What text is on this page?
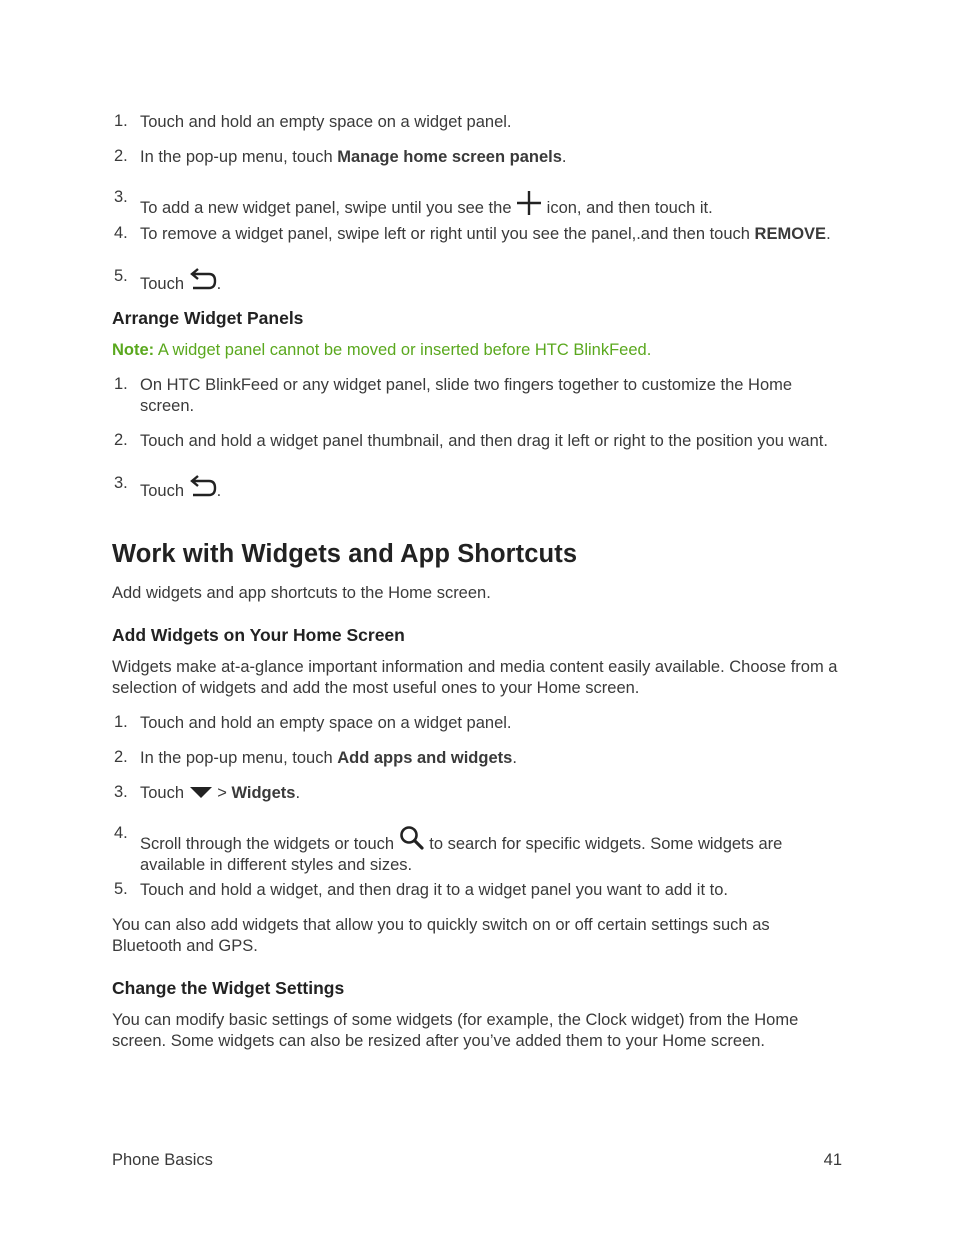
1. Touch and hold an empty space on a widget panel.
2. In the pop-up menu, touch Manage home screen panels.
3.
To add a new widget panel, swipe until you see the  icon, and then touch it.
4. To remove a widget panel, swipe left or right until you see the panel,.and then touch REMOVE.
5. Touch .
Arrange Widget Panels
Note: A widget panel cannot be moved or inserted before HTC BlinkFeed.
1. On HTC BlinkFeed or any widget panel, slide two fingers together to customize the Home screen.
2. Touch and hold a widget panel thumbnail, and then drag it left or right to the position you want.
3. Touch .
Work with Widgets and App Shortcuts
Add widgets and app shortcuts to the Home screen.
Add Widgets on Your Home Screen
Widgets make at-a-glance important information and media content easily available. Choose from a selection of widgets and add the most useful ones to your Home screen.
1. Touch and hold an empty space on a widget panel.
2. In the pop-up menu, touch Add apps and widgets.
3. Touch  > Widgets.
4.
Scroll through the widgets or touch  to search for specific widgets. Some widgets are available in different styles and sizes.
5. Touch and hold a widget, and then drag it to a widget panel you want to add it to.
You can also add widgets that allow you to quickly switch on or off certain settings such as Bluetooth and GPS.
Change the Widget Settings
You can modify basic settings of some widgets (for example, the Clock widget) from the Home screen. Some widgets can also be resized after you’ve added them to your Home screen.
Phone Basics	41
